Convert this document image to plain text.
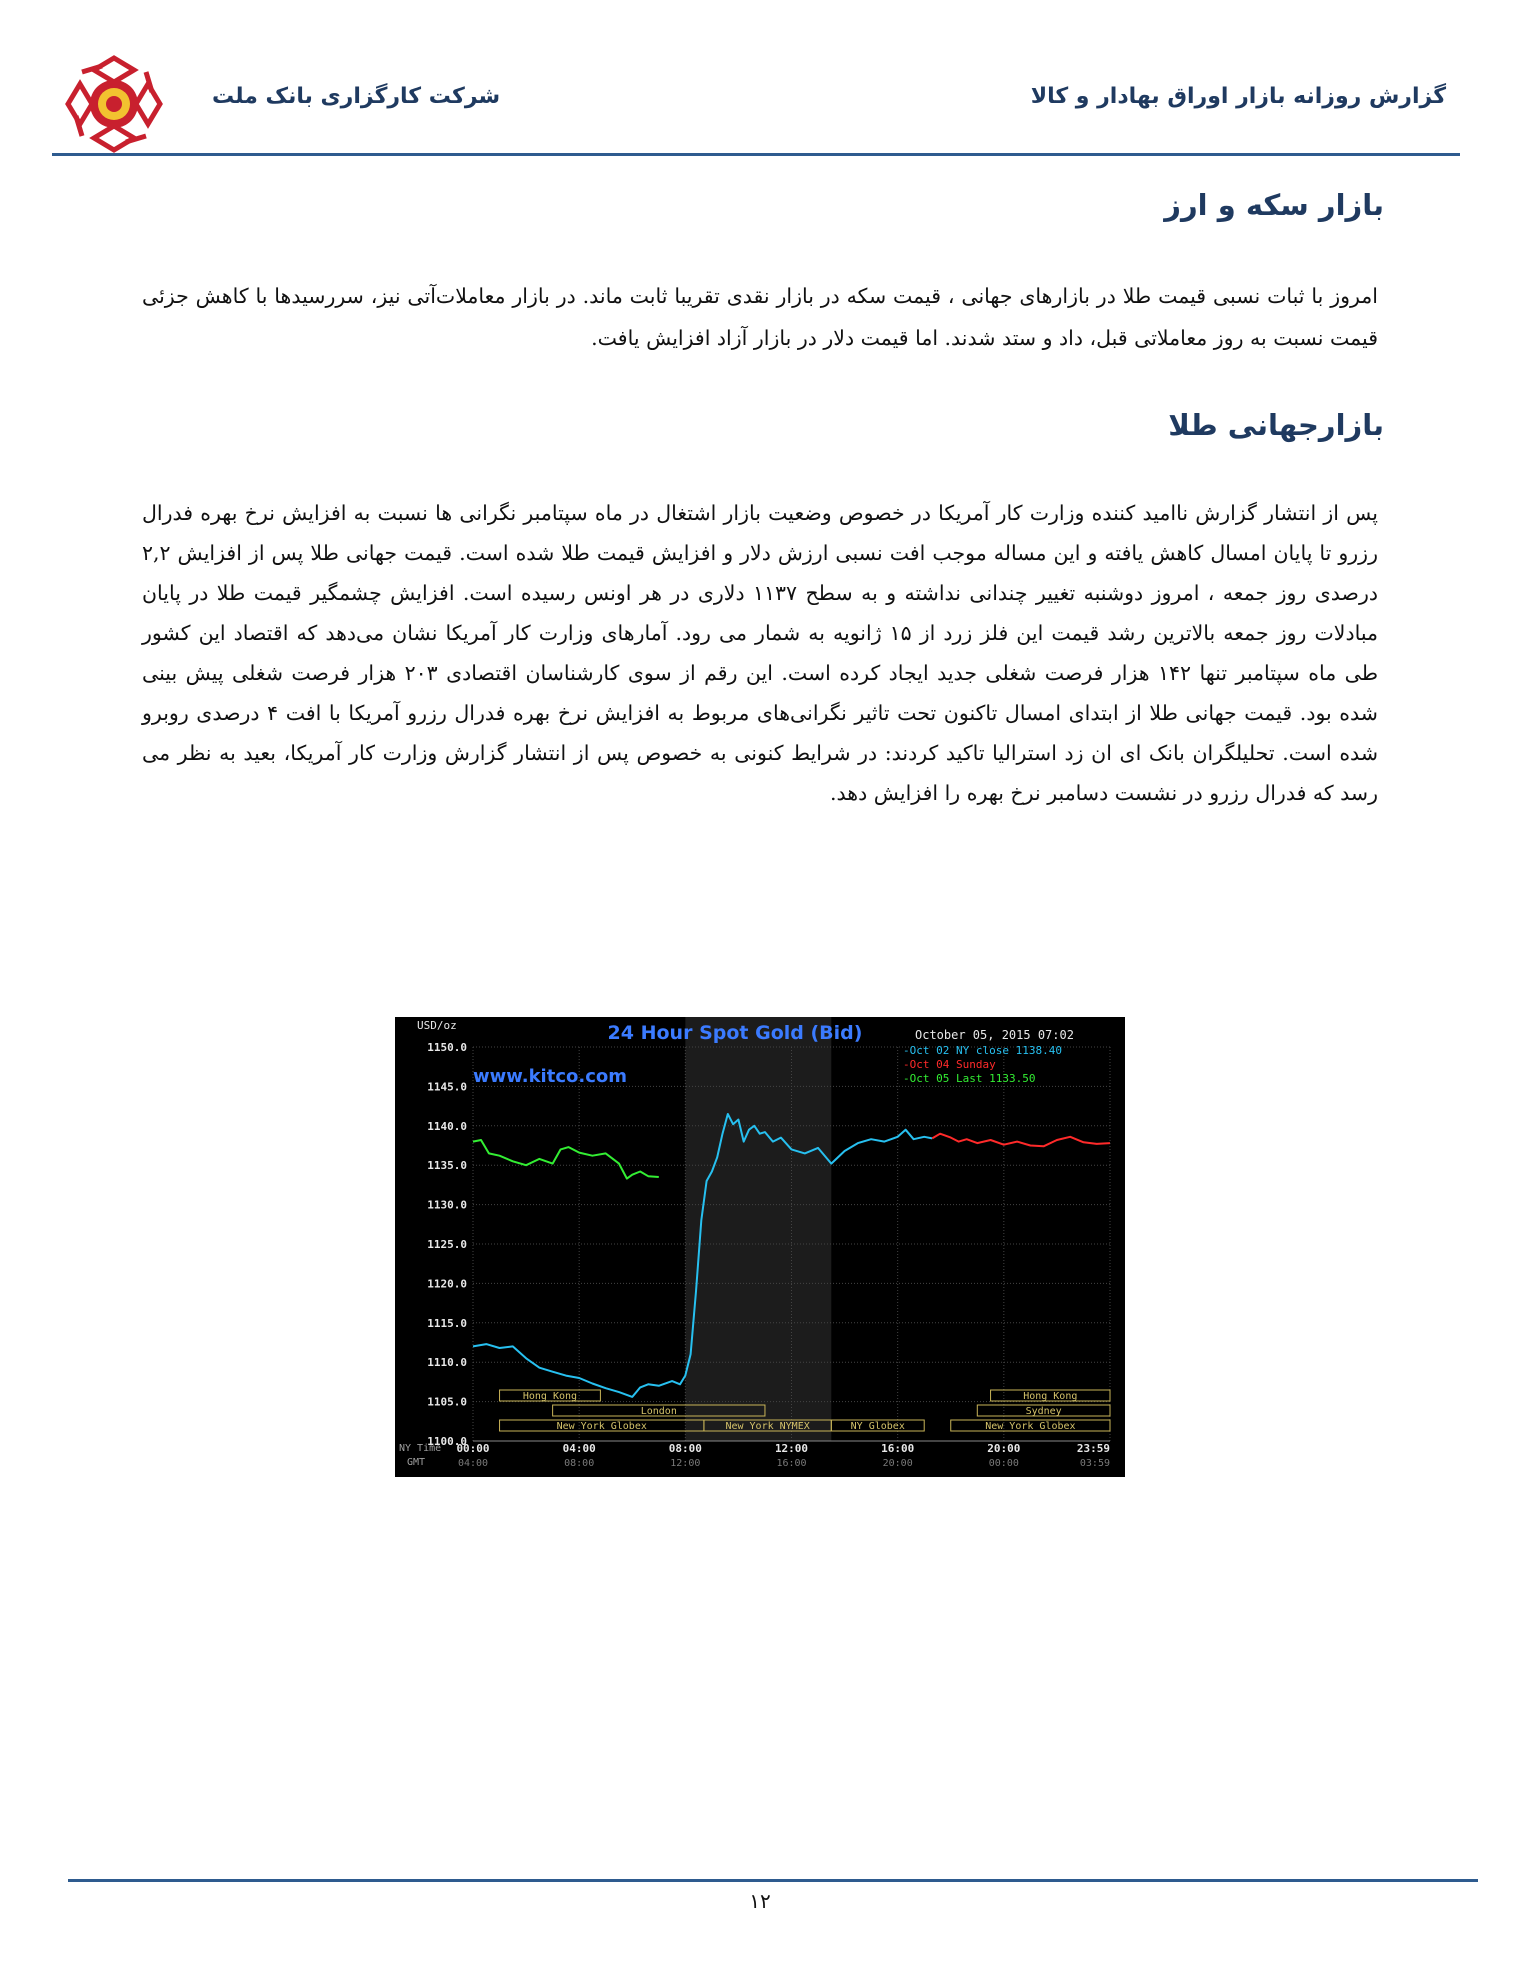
گزارش روزانه بازار اوراق بهادار و کالا
شرکت کارگزاری بانک ملت
بازار سکه و ارز

امروز با ثبات نسبی قیمت طلا در بازارهای جهانی ، قیمت سکه در بازار نقدی تقریبا ثابت ماند. در بازار معاملات‌آتی نیز، سررسیدها با کاهش جزئی قیمت نسبت به روز معاملاتی قبل، داد و ستد شدند. اما قیمت دلار در بازار آزاد افزایش یافت.

بازارجهانی طلا

پس از انتشار گزارش ناامید کننده وزارت کار آمریکا در خصوص وضعیت بازار اشتغال در ماه سپتامبر نگرانی ها نسبت به افزایش نرخ بهره فدرال رزرو تا پایان امسال کاهش یافته و این مساله موجب افت نسبی ارزش دلار و افزایش قیمت طلا شده است. قیمت جهانی طلا پس از افزایش ۲,۲ درصدی روز جمعه ، امروز دوشنبه تغییر چندانی نداشته و به سطح ۱۱۳۷ دلاری در هر اونس رسیده است. افزایش چشمگیر قیمت طلا در پایان مبادلات روز جمعه بالاترین رشد قیمت این فلز زرد از ۱۵ ژانویه به شمار می رود. آمارهای وزارت کار آمریکا نشان می‌دهد که اقتصاد این کشور طی ماه سپتامبر تنها ۱۴۲ هزار فرصت شغلی جدید ایجاد کرده است. این رقم از سوی کارشناسان اقتصادی ۲۰۳ هزار فرصت شغلی پیش بینی شده بود. قیمت جهانی طلا از ابتدای امسال تاکنون تحت تاثیر نگرانی‌های مربوط به افزایش نرخ بهره فدرال رزرو آمریکا با افت ۴ درصدی روبرو شده است. تحلیلگران بانک ای ان زد استرالیا تاکید کردند: در شرایط کنونی به خصوص پس از انتشار گزارش وزارت کار آمریکا، بعید به نظر می رسد که فدرال رزرو در نشست دسامبر نرخ بهره را افزایش دهد.

Hong Kong
London
New York Globex	New York NYMEX	NY Globex
Hong Kong
Sydney
New York Globex
USD/oz	24 Hour Spot Gold (Bid)
www.kitco.com
October 05, 2015 07:02
-Oct 02 NY close 1138.40
-Oct 04 Sunday
-Oct 05 Last 1133.50
1150.0
1145.0
1140.0
1135.0
1130.0
1125.0
1120.0
1115.0
1110.0
1105.0
1100.0
00:00
04:00
04:00
08:00
08:00
12:00
12:00
16:00
16:00
20:00
20:00
00:00
23:59
03:59
NY Time
GMT
۱۲
